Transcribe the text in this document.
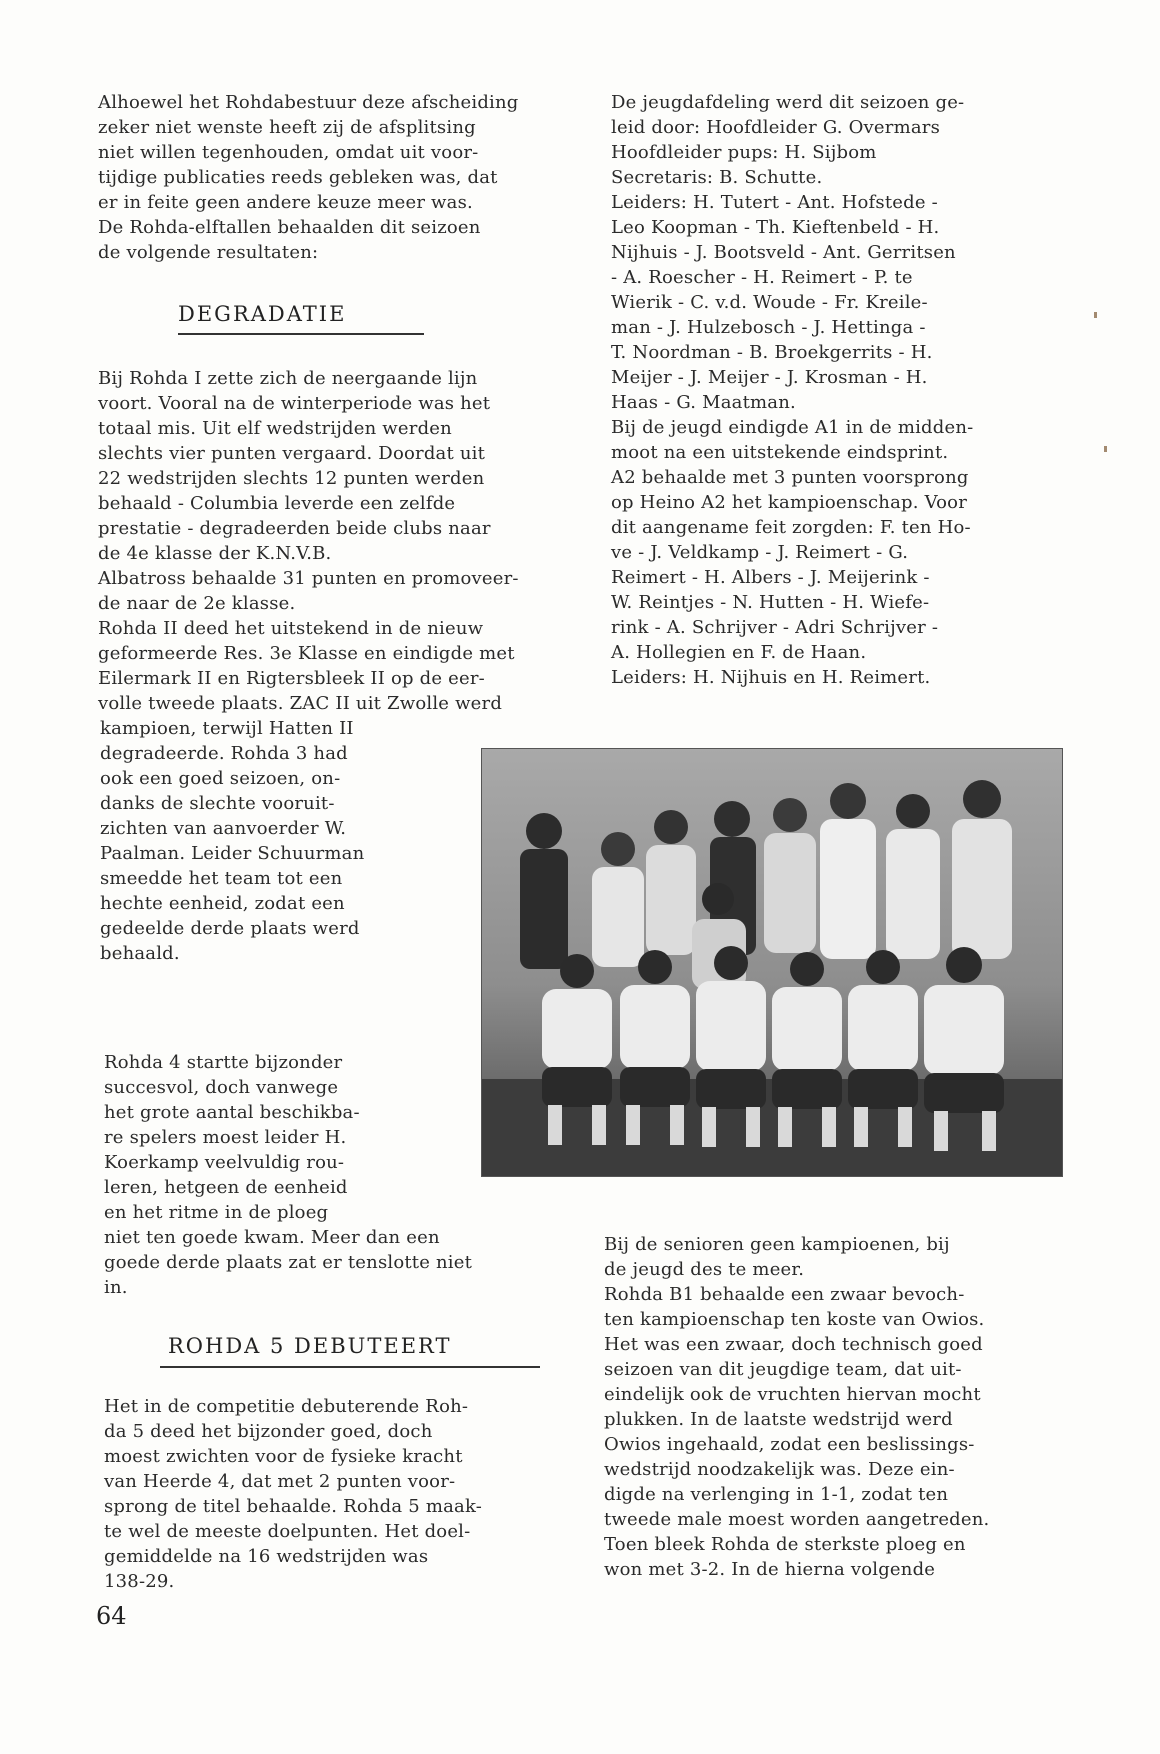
Alhoewel het Rohdabestuur deze afscheiding
zeker niet wenste heeft zij de afsplitsing
niet willen tegenhouden, omdat uit voor-
tijdige publicaties reeds gebleken was, dat
er in feite geen andere keuze meer was.
De Rohda-elftallen behaalden dit seizoen
de volgende resultaten:
DEGRADATIE
Bij Rohda I zette zich de neergaande lijn
voort. Vooral na de winterperiode was het
totaal mis. Uit elf wedstrijden werden
slechts vier punten vergaard. Doordat uit
22 wedstrijden slechts 12 punten werden
behaald - Columbia leverde een zelfde
prestatie - degradeerden beide clubs naar
de 4e klasse der K.N.V.B.
Albatross behaalde 31 punten en promoveer-
de naar de 2e klasse.
Rohda II deed het uitstekend in de nieuw
geformeerde Res. 3e Klasse en eindigde met
Eilermark II en Rigtersbleek II op de eer-
volle tweede plaats. ZAC II uit Zwolle werd
kampioen, terwijl Hatten II
degradeerde. Rohda 3 had
ook een goed seizoen, on-
danks de slechte vooruit-
zichten van aanvoerder W.
Paalman. Leider Schuurman
smeedde het team tot een
hechte eenheid, zodat een
gedeelde derde plaats werd
behaald.
Rohda 4 startte bijzonder
succesvol, doch vanwege
het grote aantal beschikba-
re spelers moest leider H.
Koerkamp veelvuldig rou-
leren, hetgeen de eenheid
en het ritme in de ploeg
niet ten goede kwam. Meer dan een
goede derde plaats zat er tenslotte niet
in.
ROHDA 5 DEBUTEERT
Het in de competitie debuterende Roh-
da 5 deed het bijzonder goed, doch
moest zwichten voor de fysieke kracht
van Heerde 4, dat met 2 punten voor-
sprong de titel behaalde. Rohda 5 maak-
te wel de meeste doelpunten. Het doel-
gemiddelde na 16 wedstrijden was
138-29.
De jeugdafdeling werd dit seizoen ge-
leid door: Hoofdleider G. Overmars
Hoofdleider pups: H. Sijbom
Secretaris: B. Schutte.
Leiders: H. Tutert - Ant. Hofstede -
Leo Koopman - Th. Kieftenbeld - H.
Nijhuis - J. Bootsveld - Ant. Gerritsen
- A. Roescher - H. Reimert - P. te
Wierik - C. v.d. Woude - Fr. Kreile-
man - J. Hulzebosch - J. Hettinga -
T. Noordman - B. Broekgerrits - H.
Meijer - J. Meijer - J. Krosman - H.
Haas - G. Maatman.
Bij de jeugd eindigde A1 in de midden-
moot na een uitstekende eindsprint.
A2 behaalde met 3 punten voorsprong
op Heino A2 het kampioenschap. Voor
dit aangename feit zorgden: F. ten Ho-
ve - J. Veldkamp - J. Reimert - G.
Reimert - H. Albers - J. Meijerink -
W. Reintjes - N. Hutten - H. Wiefe-
rink - A. Schrijver - Adri Schrijver -
A. Hollegien en F. de Haan.
Leiders: H. Nijhuis en H. Reimert.
Bij de senioren geen kampioenen, bij
de jeugd des te meer.
Rohda B1 behaalde een zwaar bevoch-
ten kampioenschap ten koste van Owios.
Het was een zwaar, doch technisch goed
seizoen van dit jeugdige team, dat uit-
eindelijk ook de vruchten hiervan mocht
plukken. In de laatste wedstrijd werd
Owios ingehaald, zodat een beslissings-
wedstrijd noodzakelijk was. Deze ein-
digde na verlenging in 1-1, zodat ten
tweede male moest worden aangetreden.
Toen bleek Rohda de sterkste ploeg en
won met 3-2. In de hierna volgende
64
